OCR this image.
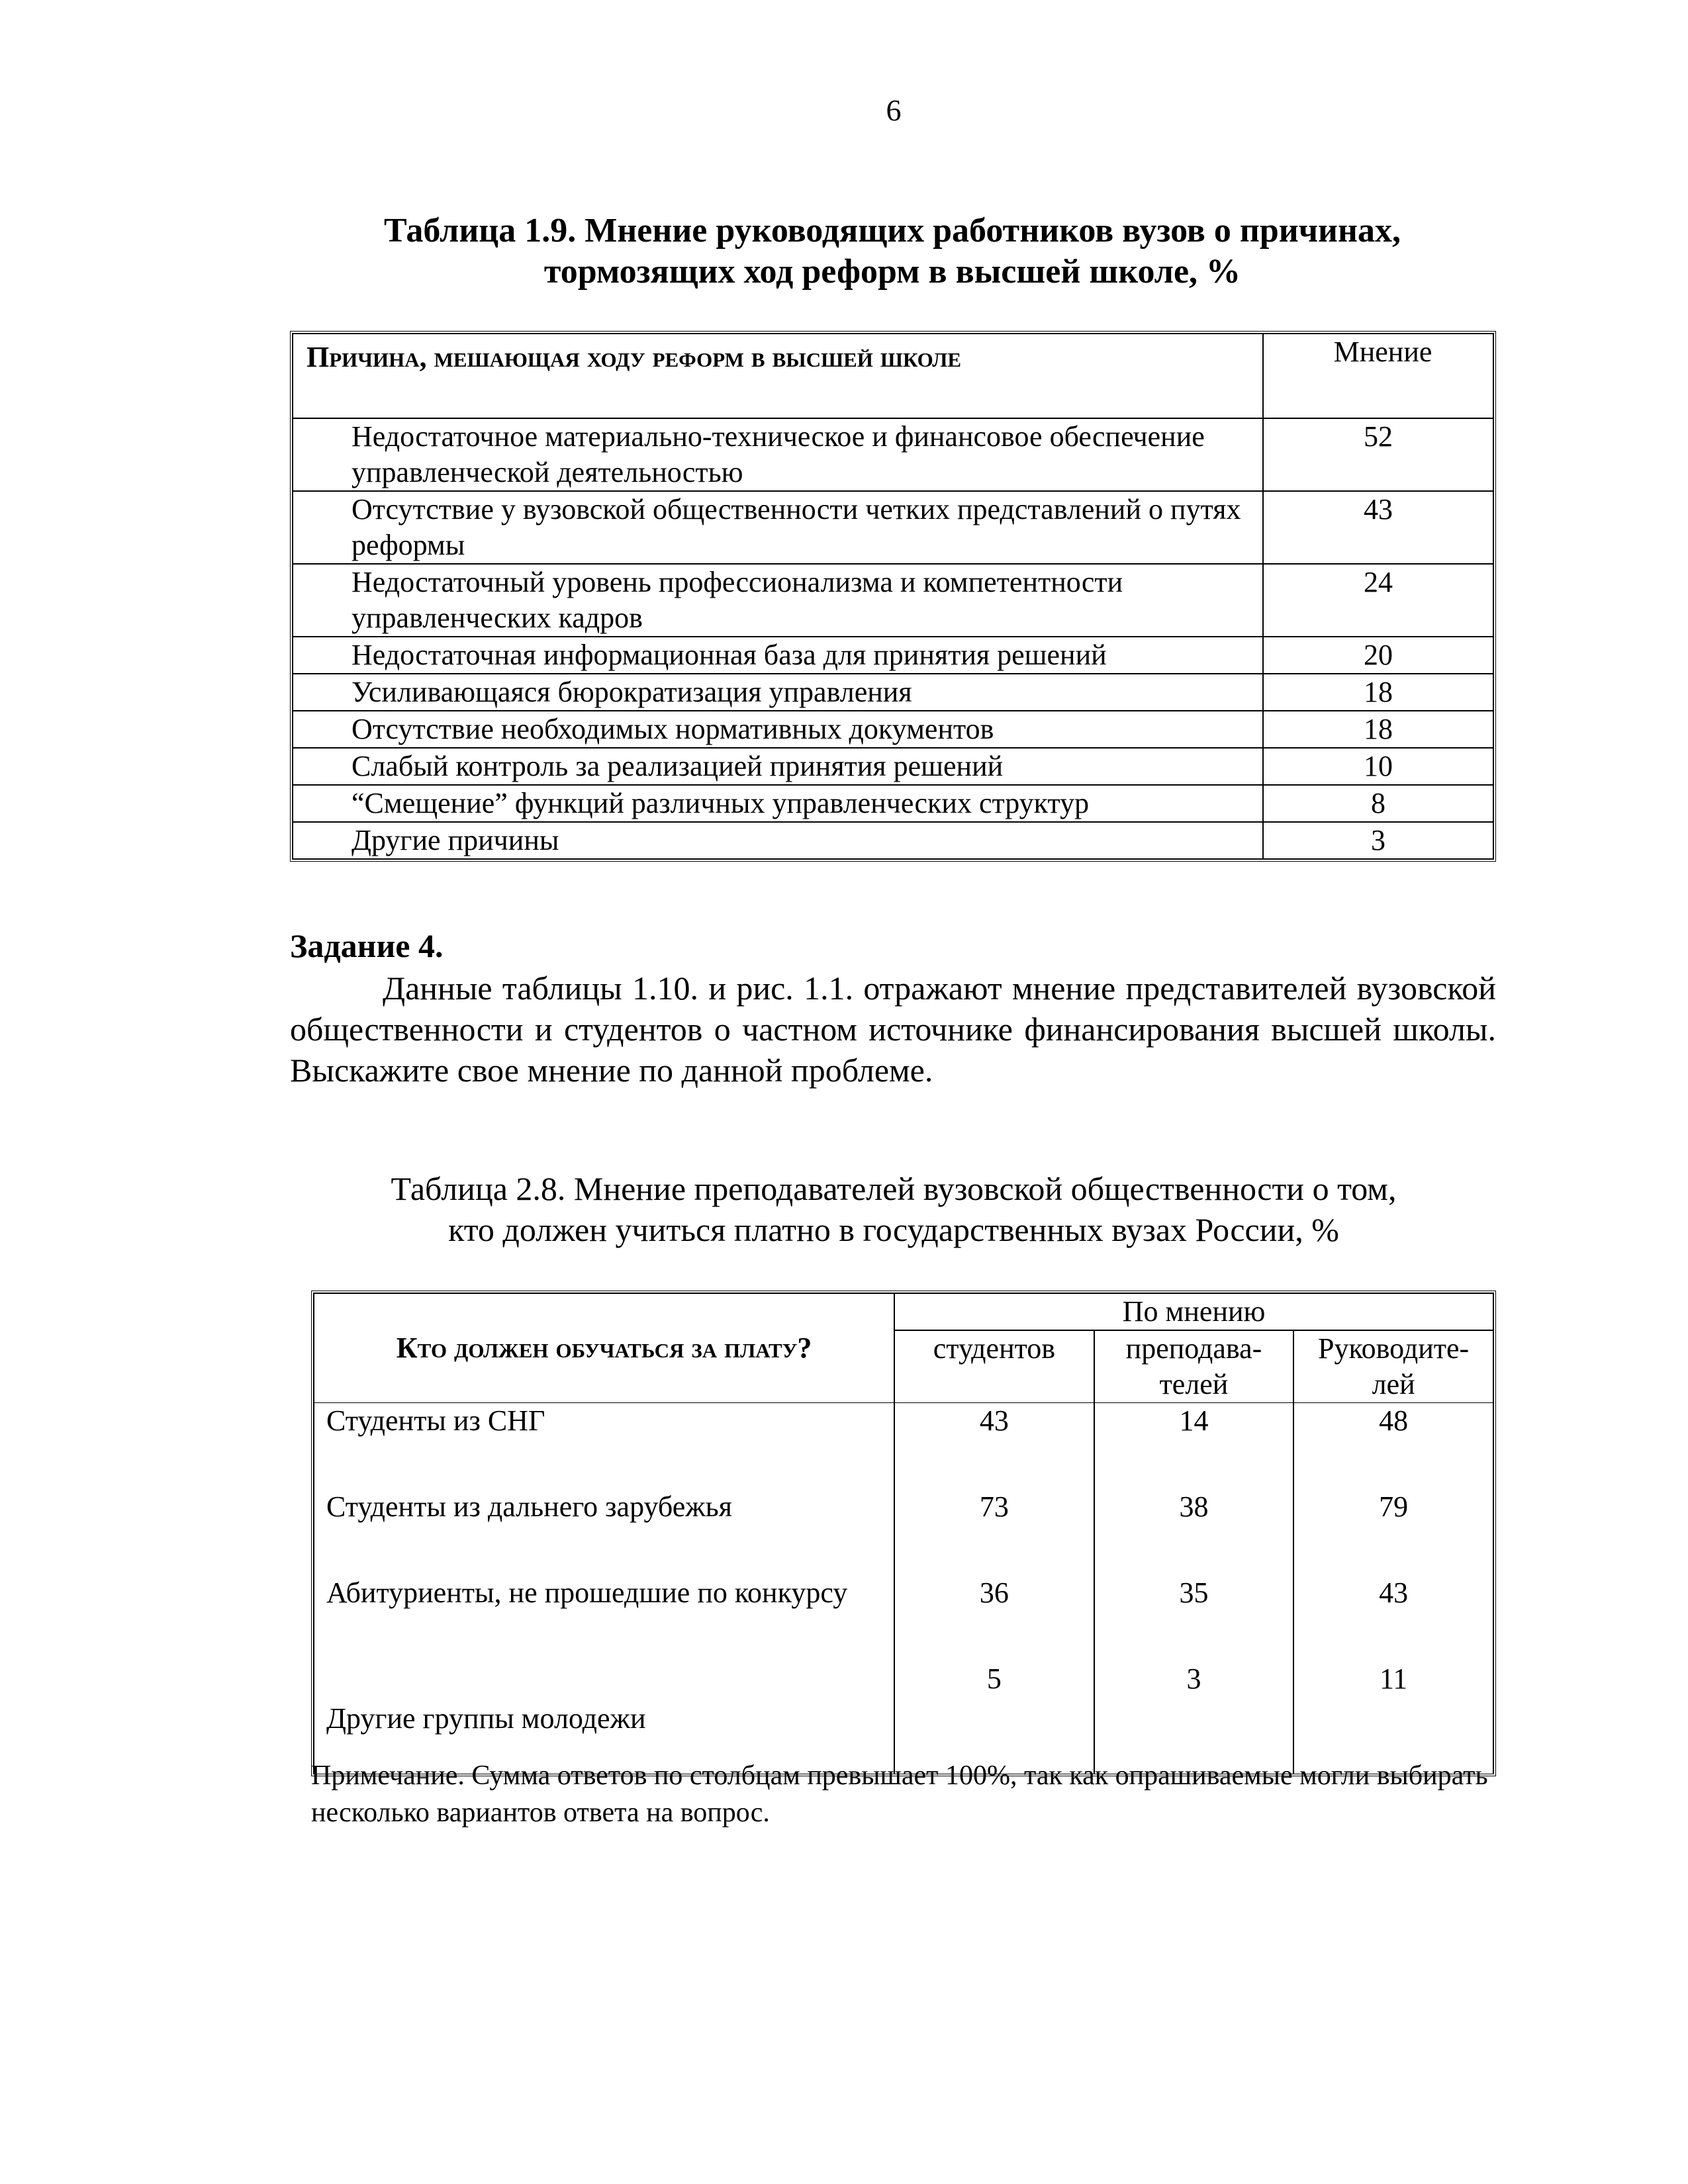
6
Таблица 1.9. Мнение руководящих работников вузов о причинах,
тормозящих ход реформ в высшей школе, %
Причина, мешающая ходу реформ в высшей школе	Мнение
Недостаточное материально-техническое и финансовое обеспечение управленческой деятельностью	52
Отсутствие у вузовской общественности четких представлений о путях реформы	43
Недостаточный уровень профессионализма и компетентности управленческих кадров	24
Недостаточная информационная база для принятия решений	20
Усиливающаяся бюрократизация управления	18
Отсутствие необходимых нормативных документов	18
Слабый контроль за реализацией принятия решений	10
“Смещение” функций различных управленческих структур	8
Другие причины	3
Задание 4.
Данные таблицы 1.10. и рис. 1.1. отражают мнение представителей вузовской общественности и студентов о частном источнике финансирования высшей школы. Выскажите свое мнение по данной проблеме.
Таблица 2.8. Мнение преподавателей вузовской общественности о том,
кто должен учиться платно в государственных вузах России, %
Кто должен обучаться за плату?	По мнению		
	студентов	преподава-телей	Руководите-лей
Студенты из СНГ	43	14	48
Студенты из дальнего зарубежья	73	38	79
Абитуриенты, не прошедшие по конкурсу	36	35	43
Другие группы молодежи	5	3	11
Примечание. Сумма ответов по столбцам превышает 100%, так как опрашиваемые могли выбирать несколько вариантов ответа на вопрос.
